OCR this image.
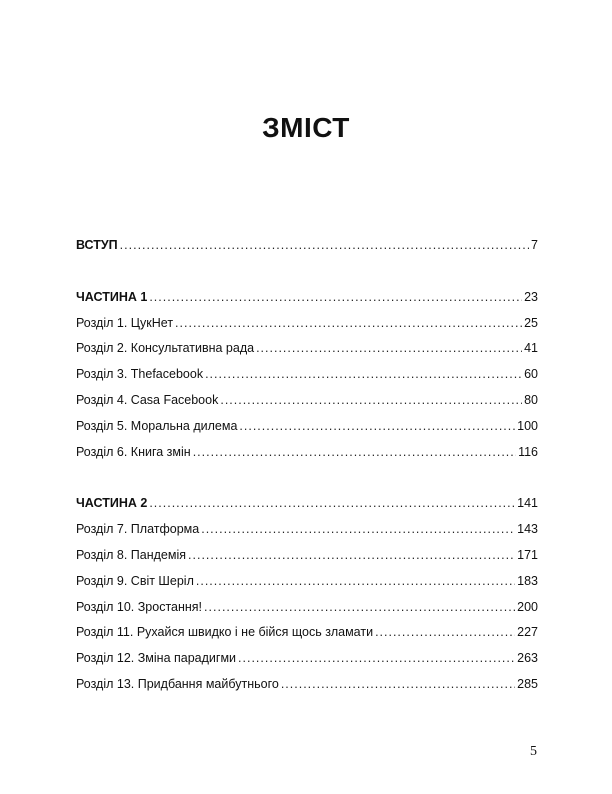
ЗМІСТ
ВСТУП .....	7
ЧАСТИНА 1 .....	23
Розділ 1. ЦукНет .....	25
Розділ 2. Консультативна рада .....	41
Розділ 3. Thefacebook .....	60
Розділ 4. Casa Facebook .....	80
Розділ 5. Моральна дилема .....	100
Розділ 6. Книга змін .....	116
ЧАСТИНА 2 .....	141
Розділ 7. Платформа .....	143
Розділ 8. Пандемія .....	171
Розділ 9. Світ Шеріл .....	183
Розділ 10. Зростання! .....	200
Розділ 11. Рухайся швидко і не бійся щось зламати .....	227
Розділ 12. Зміна парадигми .....	263
Розділ 13. Придбання майбутнього .....	285
5
